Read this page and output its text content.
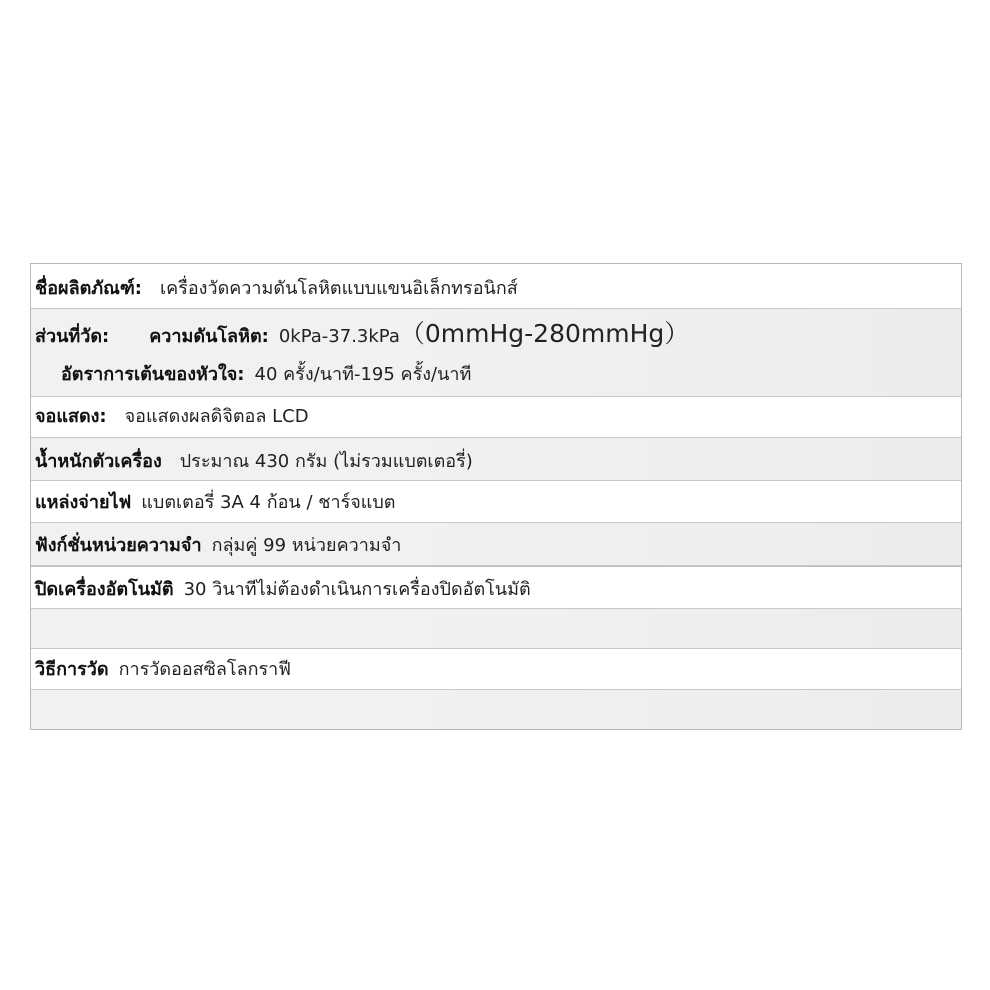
ชื่อผลิตภัณฑ์: เครื่องวัดความดันโลหิตแบบแขนอิเล็กทรอนิกส์
ส่วนที่วัด: ความดันโลหิต: 0kPa-37.3kPa（0mmHg-280mmHg）
อัตราการเต้นของหัวใจ: 40 ครั้ง/นาที-195 ครั้ง/นาที
จอแสดง: จอแสดงผลดิจิตอล LCD
น้ำหนักตัวเครื่อง ประมาณ 430 กรัม (ไม่รวมแบตเตอรี่)
แหล่งจ่ายไฟ แบตเตอรี่ 3A 4 ก้อน / ชาร์จแบต
ฟังก์ชั่นหน่วยความจำ กลุ่มคู่ 99 หน่วยความจำ
ปิดเครื่องอัตโนมัติ 30 วินาทีไม่ต้องดำเนินการเครื่องปิดอัตโนมัติ
วิธีการวัด การวัดออสซิลโลกราฟี
